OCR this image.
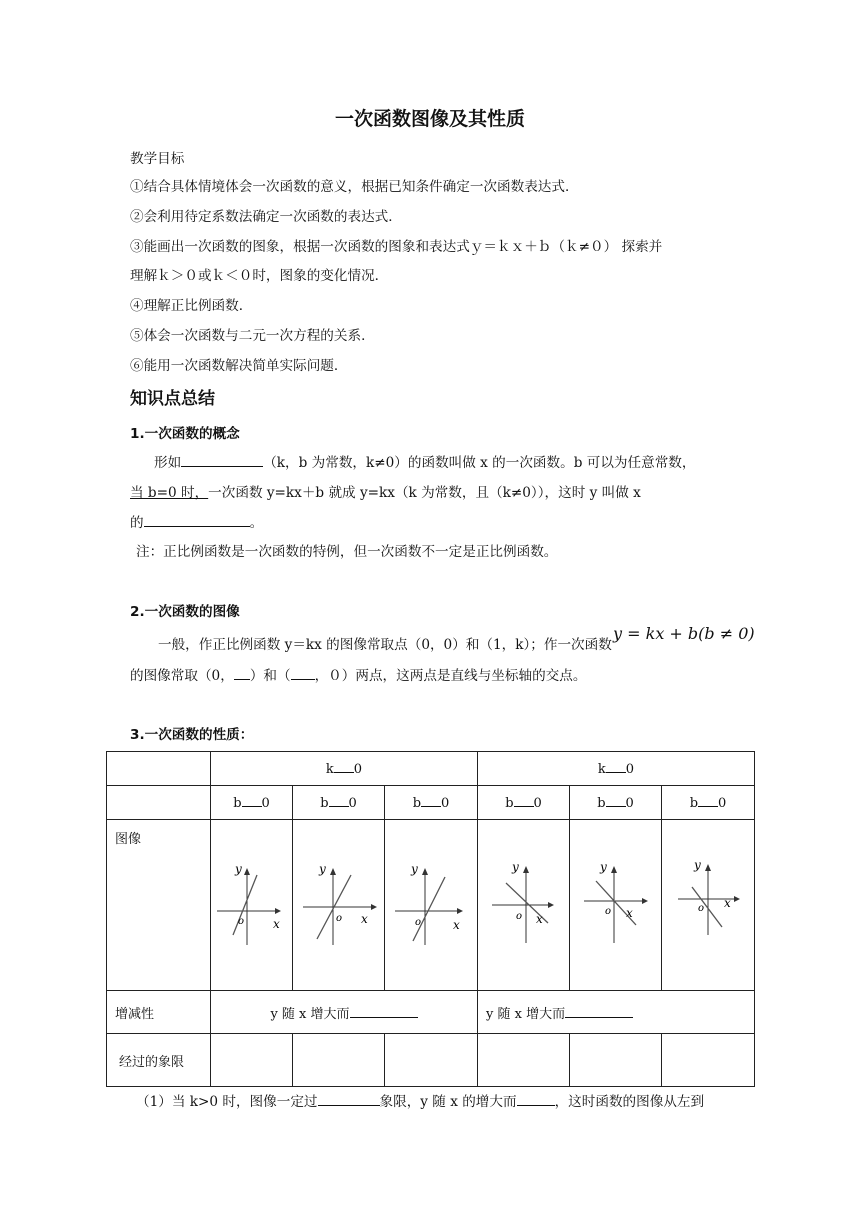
一次函数图像及其性质
教学目标
①结合具体情境体会一次函数的意义，根据已知条件确定一次函数表达式．
②会利用待定系数法确定一次函数的表达式．
③能画出一次函数的图象，根据一次函数的图象和表达式ｙ＝ｋｘ＋ｂ（ｋ≠０） 探索并
理解ｋ＞０或ｋ＜０时，图象的变化情况．
④理解正比例函数．
⑤体会一次函数与二元一次方程的关系．
⑥能用一次函数解决简单实际问题．
知识点总结
1.一次函数的概念
形如	（k，b 为常数，k≠0）的函数叫做 x 的一次函数。b 可以为任意常数，
当 b=0 时，一次函数 y=kx＋b 就成 y=kx（k 为常数，且（k≠0）），这时 y 叫做 x
的	。
注：正比例函数是一次函数的特例，但一次函数不一定是正比例函数。
2.一次函数的图像
一般，作正比例函数 y＝kx 的图像常取点（0，0）和（1，k）；作一次函数
y = kx + b(b ≠ 0)
的图像常取（0， ）和（ ，０）两点，这两点是直线与坐标轴的交点。
3.一次函数的性质：
	k 0			k 0		
	b 0	b 0	b 0	b 0	b 0	b 0
图像	y
x
o	y
x
o	y
x
o	y
x
o	y
x
o	y
x
o

增减性	y 随 x 增大而			y 随 x 增大而		
经过的象限						
（1）当 k>0 时，图像一定过	象限，y 随 x 的增大而	，这时函数的图像从左到
